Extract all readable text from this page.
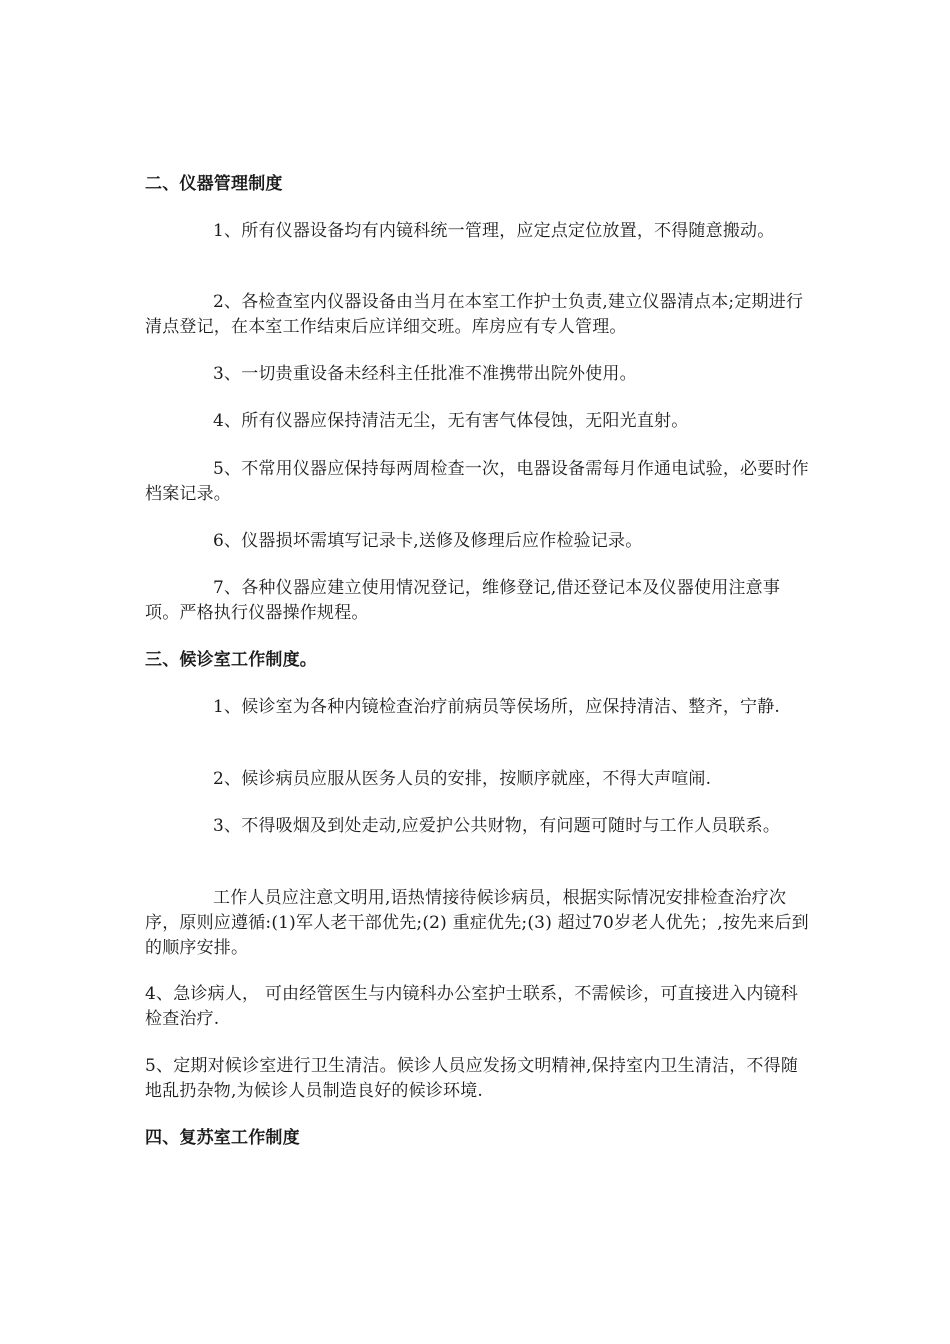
二、仪器管理制度

1、所有仪器设备均有内镜科统一管理，应定点定位放置，不得随意搬动。

2、各检查室内仪器设备由当月在本室工作护士负责,建立仪器清点本;定期进行清点登记，在本室工作结束后应详细交班。库房应有专人管理。

3、一切贵重设备未经科主任批准不准携带出院外使用。

4、所有仪器应保持清洁无尘，无有害气体侵蚀，无阳光直射。

5、不常用仪器应保持每两周检查一次，电器设备需每月作通电试验，必要时作档案记录。

6、仪器损坏需填写记录卡,送修及修理后应作检验记录。

7、各种仪器应建立使用情况登记，维修登记,借还登记本及仪器使用注意事项。严格执行仪器操作规程。

三、候诊室工作制度。

1、候诊室为各种内镜检查治疗前病员等侯场所，应保持清洁、整齐，宁静.

2、候诊病员应服从医务人员的安排，按顺序就座，不得大声喧闹.

3、不得吸烟及到处走动,应爱护公共财物，有问题可随时与工作人员联系。

工作人员应注意文明用,语热情接待候诊病员，根据实际情况安排检查治疗次序，原则应遵循:(1)军人老干部优先;(2) 重症优先;(3) 超过70岁老人优先；,按先来后到的顺序安排。

4、急诊病人， 可由经管医生与内镜科办公室护士联系，不需候诊，可直接进入内镜科检查治疗.

5、定期对候诊室进行卫生清洁。候诊人员应发扬文明精神,保持室内卫生清洁，不得随地乱扔杂物,为候诊人员制造良好的候诊环境.

四、复苏室工作制度
